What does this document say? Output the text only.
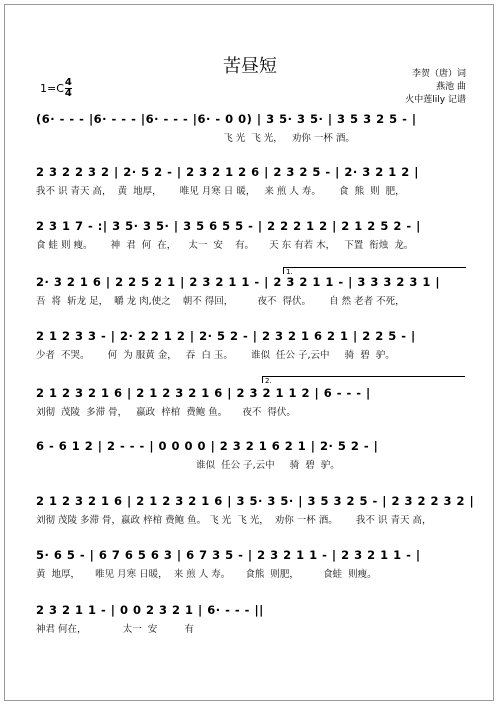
苦昼短
$1=C \frac{4}{4}$
李贺（唐）词
燕池 曲
火中莲lily 记谱
(6· - - - |6· - - - |6· - - - |6· - 0 0) | 3 5· 3 5· | 3 5 3 2 5 - |
飞 光  飞 光，   劝你 一杯 酒。
2 3 2 2 3 2 | 2· 5 2 - | 2 3 2 1 2 6 | 2 3 2 5 - | 2· 3 2 1 2 |
我不 识 青天 高，  黄  地厚，      唯见 月寒 日 暖，   来 煎 人 寿。      食  熊  则  肥，
2 3 1 7 - :| 3 5· 3 5· | 3 5 6 5 5 - | 2 2 2 1 2 | 2 1 2 5 2 - |
食 蛙 则 瘦。      神  君  何  在，    太一  安    有。     天 东 有若 木，   下置  衔烛  龙。
2· 3 2 1 6 | 2 2 5 2 1 | 2 3 2 1 1 - | 2 3 2 1 1 - | 3 3 3 2 3 1 |
吾  将  斩龙 足，  嚼 龙 肉,使之    朝不 得回，        夜不  得伏。      自 然 老者 不死，
2 1 2 3 3 - | 2· 2 2 1 2 | 2· 5 2 - | 2 3 2 1 6 2 1 | 2 2 5 - |
少者  不哭。      何  为 服黄 金，   吞  白 玉。      谁似  任公 子,云中     骑  碧  驴。
2 1 2 3 2 1 6 | 2 1 2 3 2 1 6 | 2 3 2 1 1 2 | 6 - - - |
刘彻  茂陵  多滞 骨，   嬴政  梓棺  费鲍 鱼。     夜不  得伏。
6 - 6 1 2 | 2 - - - | 0 0 0 0 | 2 3 2 1 6 2 1 | 2· 5 2 - |
谁似  任公 子,云中     骑  碧  驴。
2 1 2 3 2 1 6 | 2 1 2 3 2 1 6 | 3 5· 3 5· | 3 5 3 2 5 - | 2 3 2 2 3 2 |
刘彻 茂陵 多滞 骨，嬴政 梓棺 费鲍 鱼。 飞 光  飞 光，  劝你 一杯 酒。      我不 识 青天 高，
5· 6 5 - | 6 7 6 5 6 3 | 6 7 3 5 - | 2 3 2 1 1 - | 2 3 2 1 1 - |
黄  地厚，     唯见 月寒 日暖，  来 煎 人 寿。     食熊  则肥，        食蛙  则瘦。
2 3 2 1 1 - | 0 0 2 3 2 1 | 6· - - - ||
神君 何在，            太一  安         有
1.
2.
